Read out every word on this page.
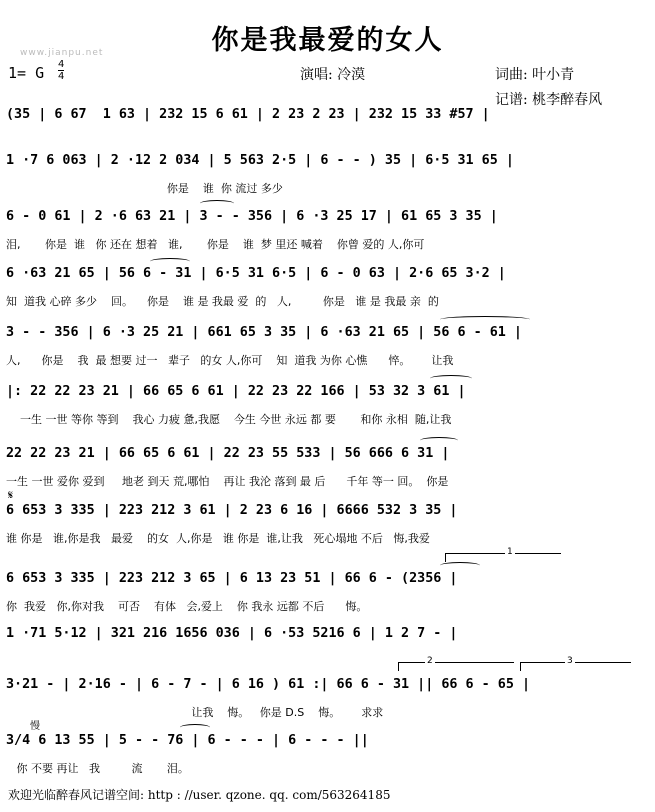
你是我最爱的女人
www.jianpu.net
1= G 4
4	演唱: 冷漠	词曲: 叶小青
记谱: 桃李醉春风
(35 | 6 67  1 63 | 232 15 6 61 | 2 23 2 23 | 232 15 33 #57 |
1 ·7 6 063 | 2 ·12 2 034 | 5 563 2·5 | 6 - - ) 35 | 6·5 31 65 |
你是    谁  你 流过 多少
6 - 0 61 | 2 ·6 63 21 | 3 - - 356 | 6 ·3 25 17 | 61 65 3 35 |
泪,       你是  谁   你 还在 想着   谁,       你是    谁  梦 里还 喊着    你曾 爱的 人,你可
6 ·63 21 65 | 56 6 - 31 | 6·5 31 6·5 | 6 - 0 63 | 2·6 65 3·2 |
知  道我 心碎 多少    回。    你是    谁 是 我最 爱  的   人,         你是   谁 是 我最 亲  的
3 - - 356 | 6 ·3 25 21 | 661 65 3 35 | 6 ·63 21 65 | 56 6 - 61 |
人,      你是    我  最 想要 过一   辈子   的女 人,你可    知  道我 为你 心憔      悴。      让我
|: 22 22 23 21 | 66 65 6 61 | 22 23 22 166 | 53 32 3 61 |
一生 一世 等你 等到    我心 力疲 惫,我愿    今生 今世 永远 都 要       和你 永相  随,让我
22 22 23 21 | 66 65 6 61 | 22 23 55 533 | 56 666 6 31 |
一生 一世 爱你 爱到     地老 到天 荒,哪怕    再让 我沦 落到 最 后      千年 等一 回。  你是
𝄋
6 653 3 335 | 223 212 3 61 | 2 23 6 16 | 6666 532 3 35 |
谁 你是   谁,你是我   最爱    的女  人,你是   谁 你是  谁,让我   死心塌地 不后   悔,我爱
6 653 3 335 | 223 212 3 65 | 6 13 23 51 | 66 6 - (2356 |
你  我爱   你,你对我    可否    有体   会,爱上    你 我永 远都 不后      悔。
1 ·71 5·12 | 321 216 1656 036 | 6 ·53 5216 6 | 1 2 7 - |
3·21 - | 2·16 - | 6 - 7 - | 6 16 ) 61 :| 66 6 - 31 || 66 6 - 65 |
让我    悔。   你是 D.S    悔。      求求
慢
3/4 6 13 55 | 5 - - 76 | 6 - - - | 6 - - - ||
你 不要 再让   我         流       泪。
1
2	3
欢迎光临醉春风记谱空间: http : //user. qzone. qq. com/563264185
